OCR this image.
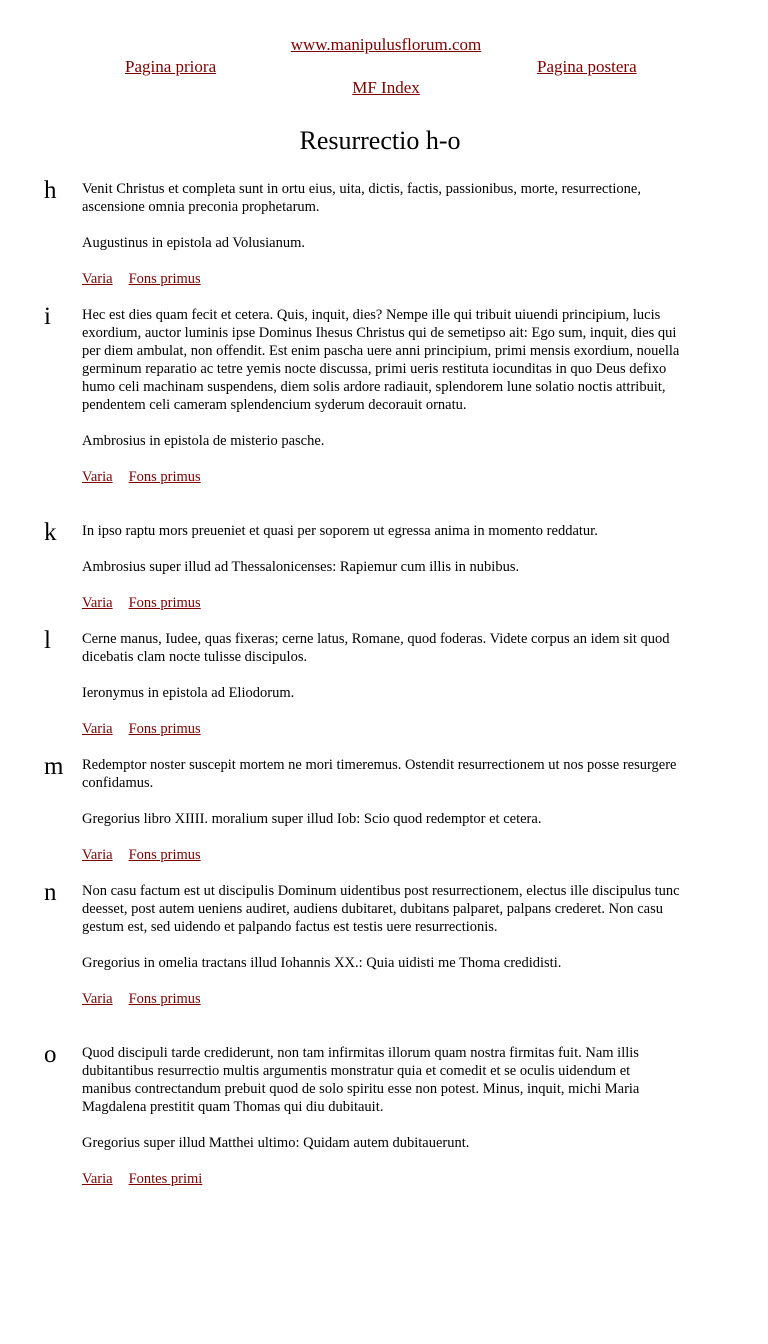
www.manipulusflorum.com
Pagina priora	Pagina postera
MF Index
Resurrectio h-o
h	Venit Christus et completa sunt in ortu eius, uita, dictis, factis, passionibus, morte, resurrectione, ascensione omnia preconia prophetarum.

Augustinus in epistola ad Volusianum.

Varia Fons primus

i	Hec est dies quam fecit et cetera. Quis, inquit, dies? Nempe ille qui tribuit uiuendi principium, lucis exordium, auctor luminis ipse Dominus Ihesus Christus qui de semetipso ait: Ego sum, inquit, dies qui per diem ambulat, non offendit. Est enim pascha uere anni principium, primi mensis exordium, nouella germinum reparatio ac tetre yemis nocte discussa, primi ueris restituta iocunditas in quo Deus defixo humo celi machinam suspendens, diem solis ardore radiauit, splendorem lune solatio noctis attribuit, pendentem celi cameram splendencium syderum decorauit ornatu.

Ambrosius in epistola de misterio pasche.

Varia Fons primus

k	In ipso raptu mors preueniet et quasi per soporem ut egressa anima in momento reddatur.

Ambrosius super illud ad Thessalonicenses: Rapiemur cum illis in nubibus.

Varia Fons primus

l	Cerne manus, Iudee, quas fixeras; cerne latus, Romane, quod foderas. Videte corpus an idem sit quod dicebatis clam nocte tulisse discipulos.

Ieronymus in epistola ad Eliodorum.

Varia Fons primus

m Redemptor noster suscepit mortem ne mori timeremus. Ostendit resurrectionem ut nos posse resurgere confidamus.

Gregorius libro XIIII. moralium super illud Iob: Scio quod redemptor et cetera.

Varia Fons primus

n	Non casu factum est ut discipulis Dominum uidentibus post resurrectionem, electus ille discipulus tunc deesset, post autem ueniens audiret, audiens dubitaret, dubitans palparet, palpans crederet. Non casu gestum est, sed uidendo et palpando factus est testis uere resurrectionis.

Gregorius in omelia tractans illud Iohannis XX.: Quia uidisti me Thoma credidisti.

Varia Fons primus

o	Quod discipuli tarde crediderunt, non tam infirmitas illorum quam nostra firmitas fuit. Nam illis dubitantibus resurrectio multis argumentis monstratur quia et comedit et se oculis uidendum et manibus contrectandum prebuit quod de solo spiritu esse non potest. Minus, inquit, michi Maria Magdalena prestitit quam Thomas qui diu dubitauit.

Gregorius super illud Matthei ultimo: Quidam autem dubitauerunt.

Varia Fontes primi
